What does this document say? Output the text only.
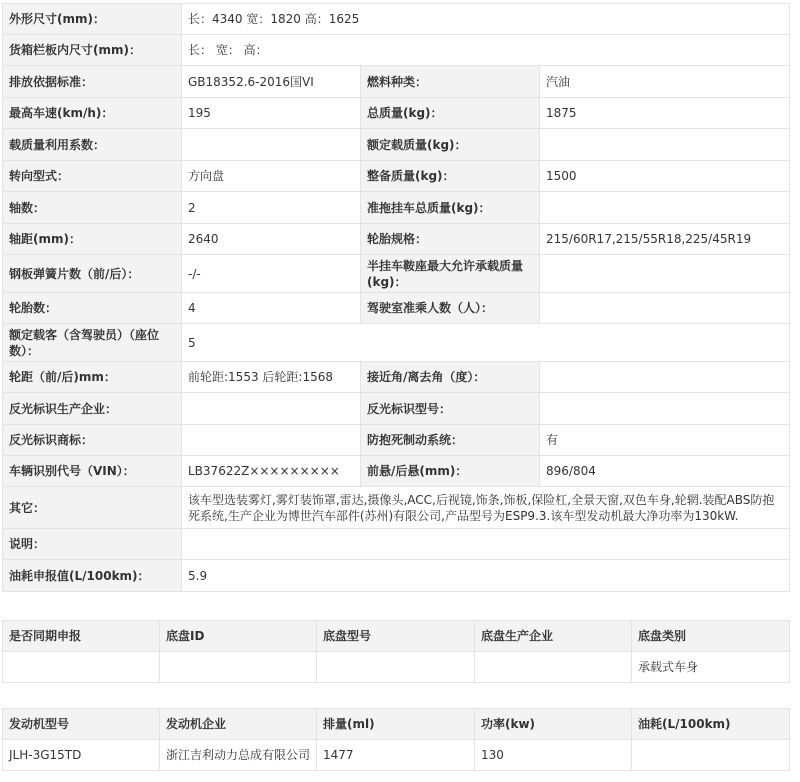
外形尺寸(mm)：	长：4340 宽：1820 高：1625		
货箱栏板内尺寸(mm)：	长： 宽： 高：		
排放依据标准：	GB18352.6-2016国VI	燃料种类：	汽油
最高车速(km/h)：	195	总质量(kg)：	1875
载质量利用系数：		额定载质量(kg)：	
转向型式：	方向盘	整备质量(kg)：	1500
轴数：	2	准拖挂车总质量(kg)：	
轴距(mm)：	2640	轮胎规格：	215/60R17,215/55R18,225/45R19
钢板弹簧片数（前/后）：	-/-	半挂车鞍座最大允许承载质量(kg)：	
轮胎数：	4	驾驶室准乘人数（人）：	
额定载客（含驾驶员）（座位数）：	5		
轮距（前/后)mm：	前轮距:1553 后轮距:1568	接近角/离去角（度）：	
反光标识生产企业：		反光标识型号：	
反光标识商标：		防抱死制动系统：	有
车辆识别代号（VIN）：	LB37622Z×××××××××	前悬/后悬(mm)：	896/804
其它：	该车型选装雾灯,雾灯装饰罩,雷达,摄像头,ACC,后视镜,饰条,饰板,保险杠,全景天窗,双色车身,轮辋.装配ABS防抱死系统,生产企业为博世汽车部件(苏州)有限公司,产品型号为ESP9.3.该车型发动机最大净功率为130kW.		
说明：			
油耗申报值(L/100km)：	5.9		
是否同期申报	底盘ID	底盘型号	底盘生产企业	底盘类别
				承载式车身
发动机型号	发动机企业	排量(ml)	功率(kw)	油耗(L/100km)
JLH-3G15TD	浙江吉利动力总成有限公司	1477	130	
